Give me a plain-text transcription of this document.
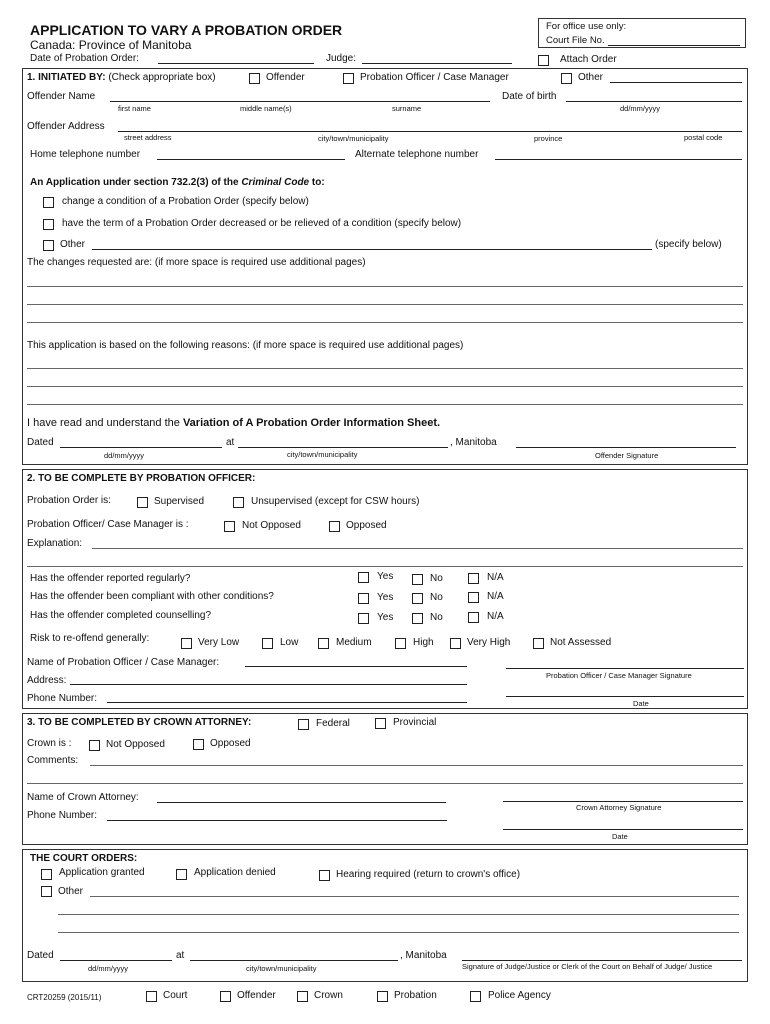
APPLICATION TO VARY A PROBATION ORDER
Canada: Province of Manitoba
Date of Probation Order:	Judge:
For office use only:
Court File No.
Attach Order
1. INITIATED BY: (Check appropriate box)	Offender	Probation Officer / Case Manager	Other
Offender Name	Date of birth
first name	middle name(s)	surname	dd/mm/yyyy
Offender Address
street address	city/town/municipality	province	postal code
Home telephone number	Alternate telephone number
An Application under section 732.2(3) of the Criminal Code to:
change a condition of a Probation Order (specify below)
have the term of a Probation Order decreased or be relieved of a condition (specify below)
Other	(specify below)
The changes requested are: (if more space is required use additional pages)
This application is based on the following reasons: (if more space is required use additional pages)
I have read and understand the Variation of A Probation Order Information Sheet.
Dated	at	, Manitoba
dd/mm/yyyy	city/town/municipality	Offender Signature
2. TO BE COMPLETE BY PROBATION OFFICER:
Probation Order is:	Supervised	Unsupervised (except for CSW hours)
Probation Officer/ Case Manager is :	Not Opposed	Opposed
Explanation:
Has the offender reported regularly?	Yes	No	N/A
Has the offender been compliant with other conditions?	Yes	No	N/A
Has the offender completed counselling?	Yes	No	N/A
Risk to re-offend generally:	Very Low	Low	Medium	High	Very High	Not Assessed
Name of Probation Officer / Case Manager:
Address:	Probation Officer / Case Manager Signature
Phone Number:	Date
3. TO BE COMPLETED BY CROWN ATTORNEY:	Federal	Provincial
Crown is :	Not Opposed	Opposed
Comments:
Name of Crown Attorney:
Crown Attorney Signature
Phone Number:
Date
THE COURT ORDERS:
Application granted	Application denied	Hearing required (return to crown's office)
Other
Dated	at	, Manitoba
dd/mm/yyyy	city/town/municipality	Signature of Judge/Justice or Clerk of the Court on Behalf of Judge/ Justice
CRT20259 (2015/11)	Court	Offender	Crown	Probation	Police Agency
